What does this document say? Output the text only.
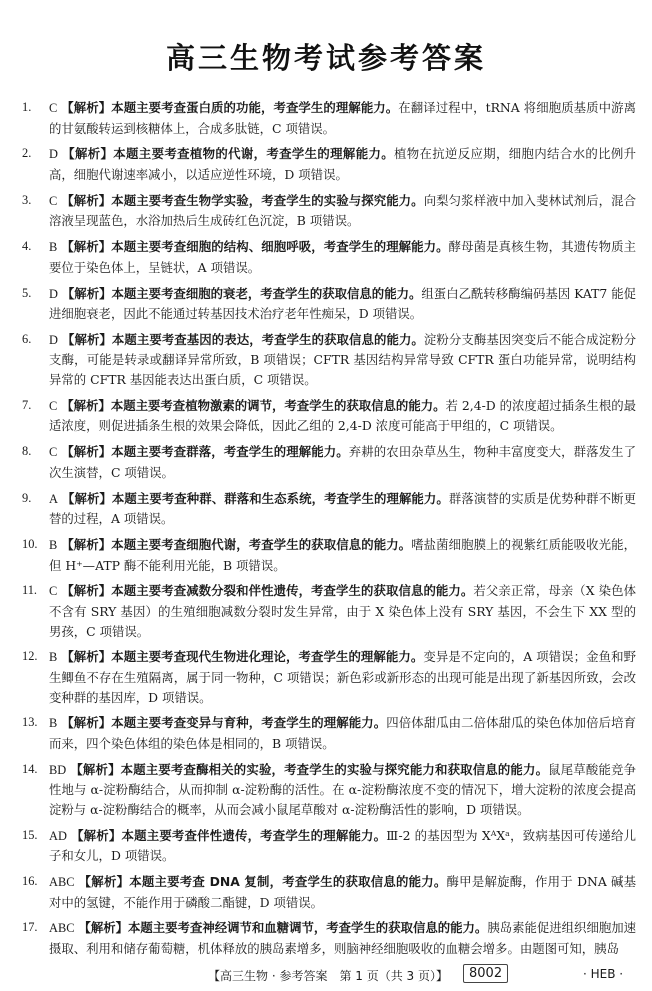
高三生物考试参考答案
1. C 【解析】本题主要考查蛋白质的功能，考查学生的理解能力。在翻译过程中，tRNA 将细胞质基质中游离的甘氨酸转运到核糖体上，合成多肽链，C 项错误。
2. D 【解析】本题主要考查植物的代谢，考查学生的理解能力。植物在抗逆反应期，细胞内结合水的比例升高，细胞代谢速率减小，以适应逆性环境，D 项错误。
3. C 【解析】本题主要考查生物学实验，考查学生的实验与探究能力。向梨匀浆样液中加入斐林试剂后，混合溶液呈现蓝色，水浴加热后生成砖红色沉淀，B 项错误。
4. B 【解析】本题主要考查细胞的结构、细胞呼吸，考查学生的理解能力。酵母菌是真核生物，其遗传物质主要位于染色体上，呈链状，A 项错误。
5. D 【解析】本题主要考查细胞的衰老，考查学生的获取信息的能力。组蛋白乙酰转移酶编码基因 KAT7 能促进细胞衰老，因此不能通过转基因技术治疗老年性痴呆，D 项错误。
6. D 【解析】本题主要考查基因的表达，考查学生的获取信息的能力。淀粉分支酶基因突变后不能合成淀粉分支酶，可能是转录或翻译异常所致，B 项错误；CFTR 基因结构异常导致 CFTR 蛋白功能异常，说明结构异常的 CFTR 基因能表达出蛋白质，C 项错误。
7. C 【解析】本题主要考查植物激素的调节，考查学生的获取信息的能力。若 2,4-D 的浓度超过插条生根的最适浓度，则促进插条生根的效果会降低，因此乙组的 2,4-D 浓度可能高于甲组的，C 项错误。
8. C 【解析】本题主要考查群落，考查学生的理解能力。弃耕的农田杂草丛生，物种丰富度变大，群落发生了次生演替，C 项错误。
9. A 【解析】本题主要考查种群、群落和生态系统，考查学生的理解能力。群落演替的实质是优势种群不断更替的过程，A 项错误。
10. B 【解析】本题主要考查细胞代谢，考查学生的获取信息的能力。嗜盐菌细胞膜上的视紫红质能吸收光能，但 H⁺—ATP 酶不能利用光能，B 项错误。
11. C 【解析】本题主要考查减数分裂和伴性遗传，考查学生的获取信息的能力。若父亲正常，母亲（X 染色体不含有 SRY 基因）的生殖细胞减数分裂时发生异常，由于 X 染色体上没有 SRY 基因，不会生下 XX 型的男孩，C 项错误。
12. B 【解析】本题主要考查现代生物进化理论，考查学生的理解能力。变异是不定向的，A 项错误；金鱼和野生鲫鱼不存在生殖隔离，属于同一物种，C 项错误；新色彩或新形态的出现可能是出现了新基因所致，会改变种群的基因库，D 项错误。
13. B 【解析】本题主要考查变异与育种，考查学生的理解能力。四倍体甜瓜由二倍体甜瓜的染色体加倍后培育而来，四个染色体组的染色体是相同的，B 项错误。
14. BD 【解析】本题主要考查酶相关的实验，考查学生的实验与探究能力和获取信息的能力。鼠尾草酸能竞争性地与 α-淀粉酶结合，从而抑制 α-淀粉酶的活性。在 α-淀粉酶浓度不变的情况下，增大淀粉的浓度会提高淀粉与 α-淀粉酶结合的概率，从而会减小鼠尾草酸对 α-淀粉酶活性的影响，D 项错误。
15. AD 【解析】本题主要考查伴性遗传，考查学生的理解能力。Ⅲ-2 的基因型为 XᴬXᵃ，致病基因可传递给儿子和女儿，D 项错误。
16. ABC 【解析】本题主要考查 DNA 复制，考查学生的获取信息的能力。酶甲是解旋酶，作用于 DNA 碱基对中的氢键，不能作用于磷酸二酯键，D 项错误。
17. ABC 【解析】本题主要考查神经调节和血糖调节，考查学生的获取信息的能力。胰岛素能促进组织细胞加速摄取、利用和储存葡萄糖，机体释放的胰岛素增多，则脑神经细胞吸收的血糖会增多。由题图可知，胰岛
【高三生物 · 参考答案　第 1 页（共 3 页）】	8002	· HEB ·
